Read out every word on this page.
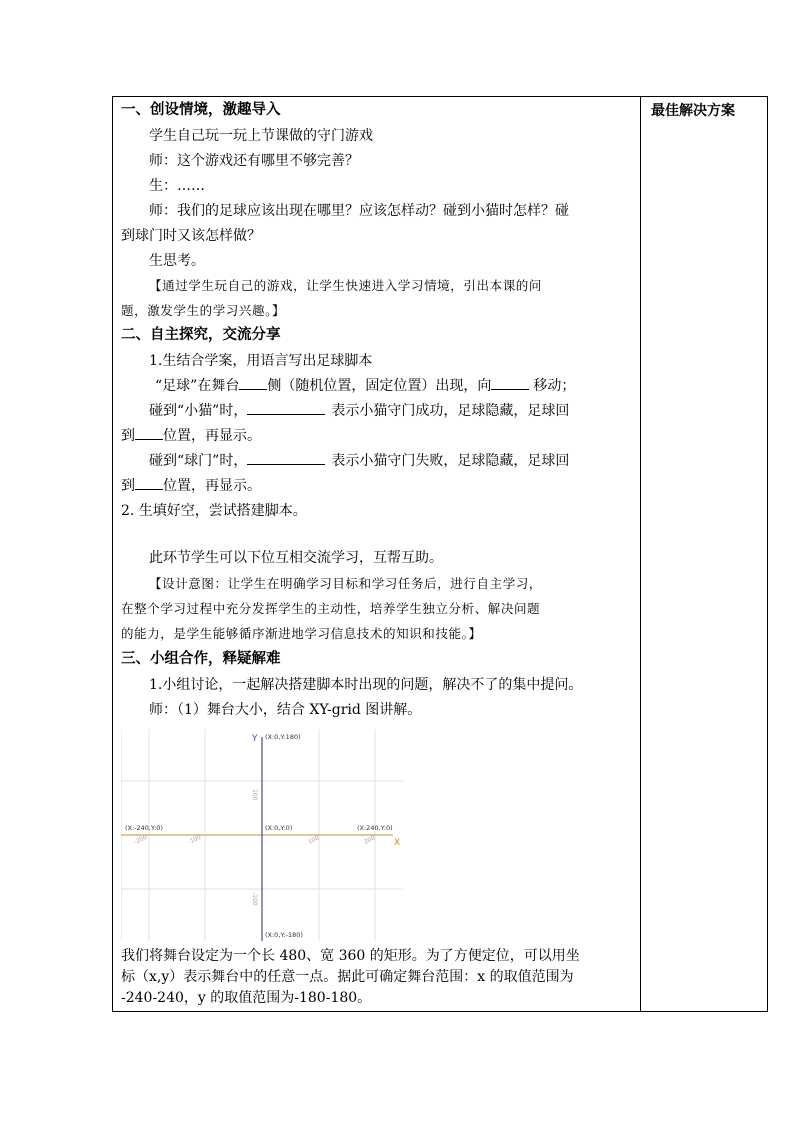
最佳解决方案
一、创设情境，激趣导入
学生自己玩一玩上节课做的守门游戏
师：这个游戏还有哪里不够完善？
生：……
师：我们的足球应该出现在哪里？应该怎样动？碰到小猫时怎样？碰
到球门时又该怎样做？
生思考。
【通过学生玩自己的游戏，让学生快速进入学习情境，引出本课的问
题，激发学生的学习兴趣。】
二、自主探究，交流分享
1.生结合学案，用语言写出足球脚本
“足球”在舞台 侧（随机位置，固定位置）出现，向	移动；
碰到“小猫”时，	表示小猫守门成功，足球隐藏，足球回
到 位置，再显示。
碰到“球门”时，	表示小猫守门失败，足球隐藏，足球回
到 位置，再显示。
2. 生填好空，尝试搭建脚本。
此环节学生可以下位互相交流学习，互帮互助。
【设计意图：让学生在明确学习目标和学习任务后，进行自主学习，
在整个学习过程中充分发挥学生的主动性，培养学生独立分析、解决问题
的能力，是学生能够循序渐进地学习信息技术的知识和技能。】
三、小组合作，释疑解难
1.小组讨论，一起解决搭建脚本时出现的问题，解决不了的集中提问。
师：（1）舞台大小，结合 XY-grid 图讲解。
X
Y (X:0,Y:180)
(X:0,Y:-180)
(X:-240,Y:0)	(X:240,Y:0)
(X:0,Y:0)
100
-100
-200	-100	100	200
我们将舞台设定为一个长 480、宽 360 的矩形。为了方便定位，可以用坐
标（x,y）表示舞台中的任意一点。据此可确定舞台范围：x 的取值范围为
-240-240，y 的取值范围为-180-180。
